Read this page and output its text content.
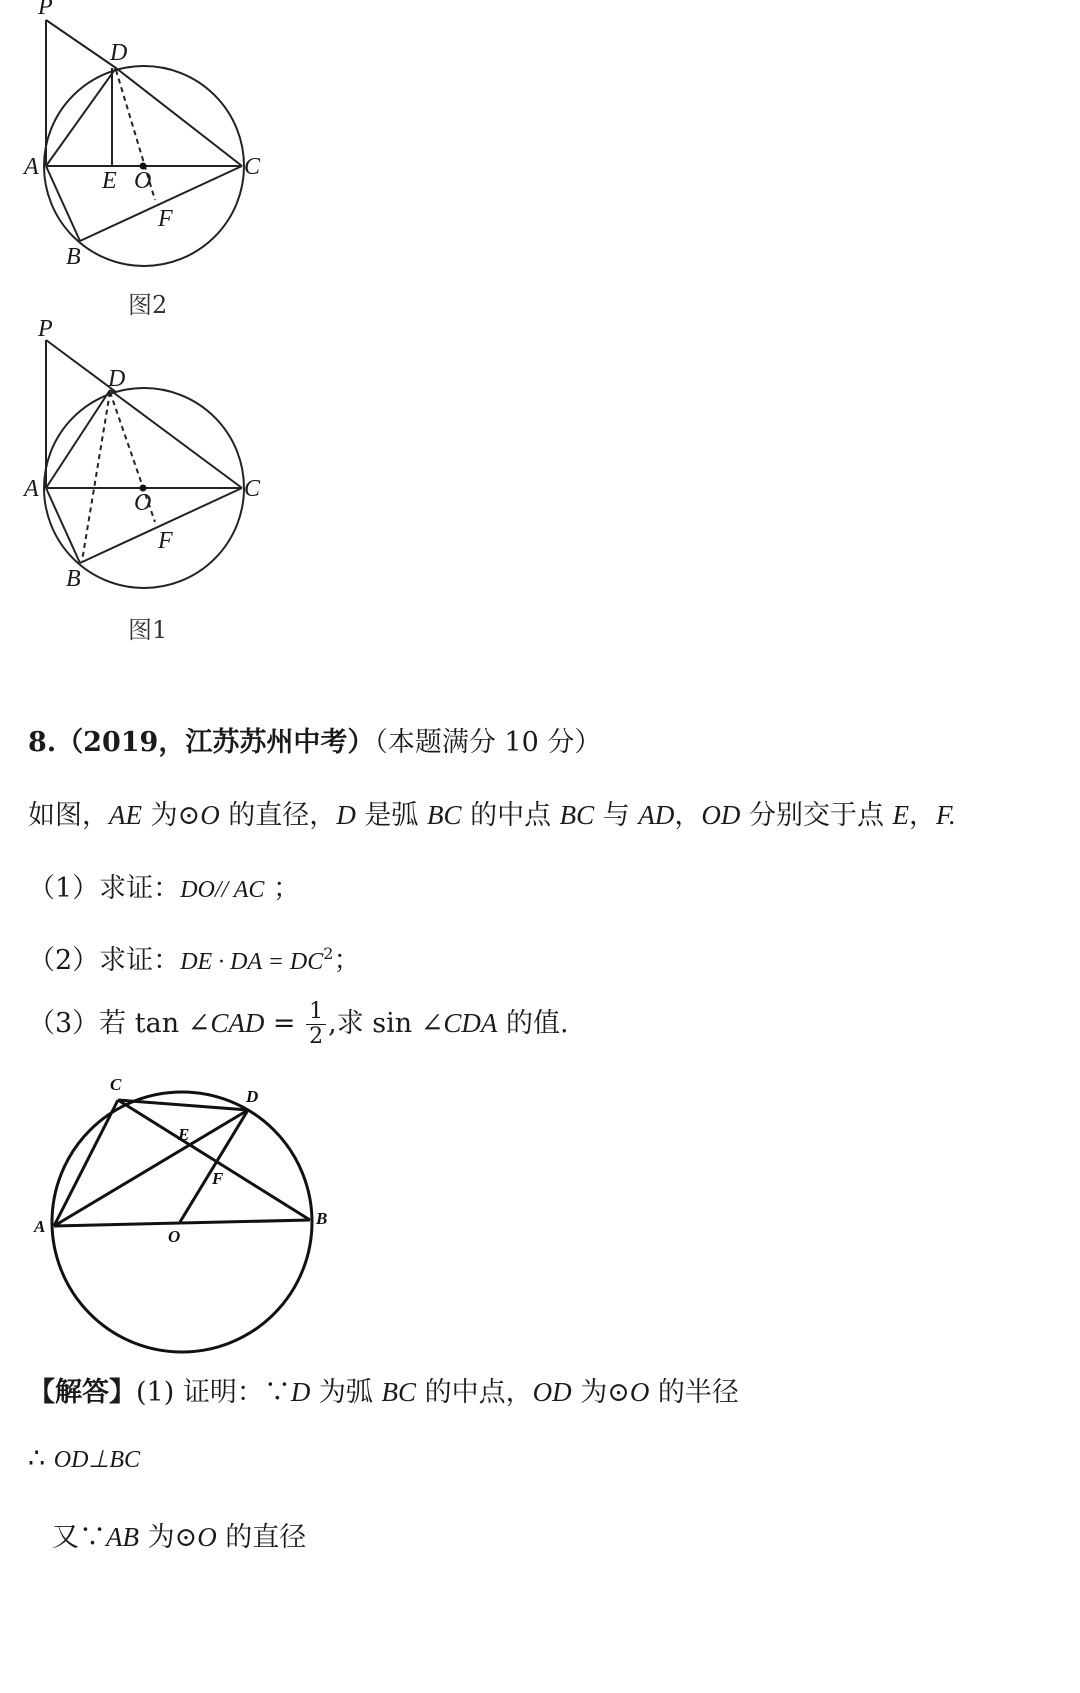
P
D
A
E O
C
F
B
图2
P
D
A
O
C
F
B
图1
8.（2019，江苏苏州中考）（本题满分 10 分）
如图，AE 为⊙O 的直径，D 是弧 BC 的中点 BC 与 AD，OD 分别交于点 E，F.
（1）求证：DO// AC ；
（2）求证：DE · DA = $DC^2$；
（3）若 tan ∠CAD = $\frac{1}{2}$ ,求 sin ∠CDA 的值.
C
D
E
F
A
O
B
【解答】(1) 证明：∵D 为弧 BC 的中点，OD 为⊙O 的半径
∴ OD⊥BC
又∵AB 为⊙O 的直径
